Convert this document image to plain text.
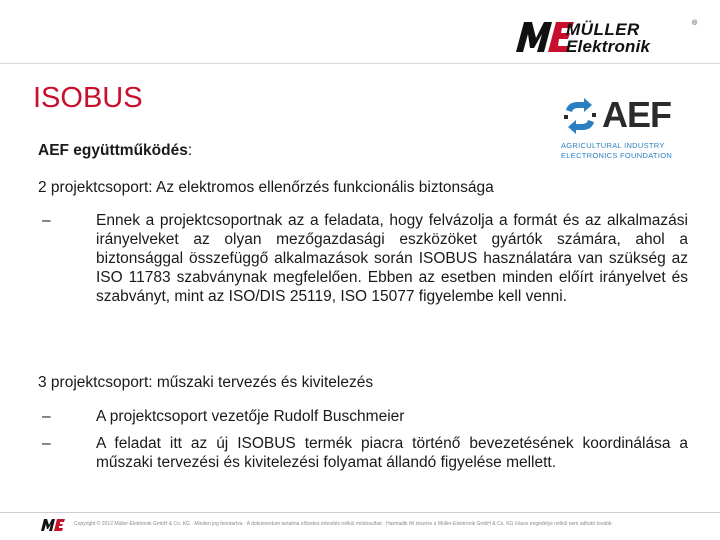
MÜLLER
Elektronik
®
ISOBUS	AEF
AGRICULTURAL INDUSTRY
ELECTRONICS FOUNDATION
AEF együttműködés:
2 projektcsoport: Az elektromos ellenőrzés funkcionális biztonsága
–	Ennek a projektcsoportnak az a feladata, hogy felvázolja a formát és az alkalmazási irányelveket az olyan mezőgazdasági eszközöket gyártók számára, ahol a biztonsággal összefüggő alkalmazások során ISOBUS használatára van szükség az ISO 11783 szabványnak megfelelően. Ebben az esetben minden előírt irányelvet és szabványt, mint az ISO/DIS 25119, ISO 15077 figyelembe kell venni.
3 projektcsoport: műszaki tervezés és kivitelezés
–	A projektcsoport vezetője Rudolf Buschmeier
–	A feladat itt az új ISOBUS termék piacra történő bevezetésének koordinálása a műszaki tervezési és kivitelezési folyamat állandó figyelése mellett.
Copyright © 2012 Müller-Elektronik GmbH & Co. KG · Minden jog fenntartva · A dokumentum tartalma előzetes értesítés nélkül módosulhat · Harmadik fél részére a Müller-Elektronik GmbH & Co. KG írásos engedélye nélkül nem adható tovább
